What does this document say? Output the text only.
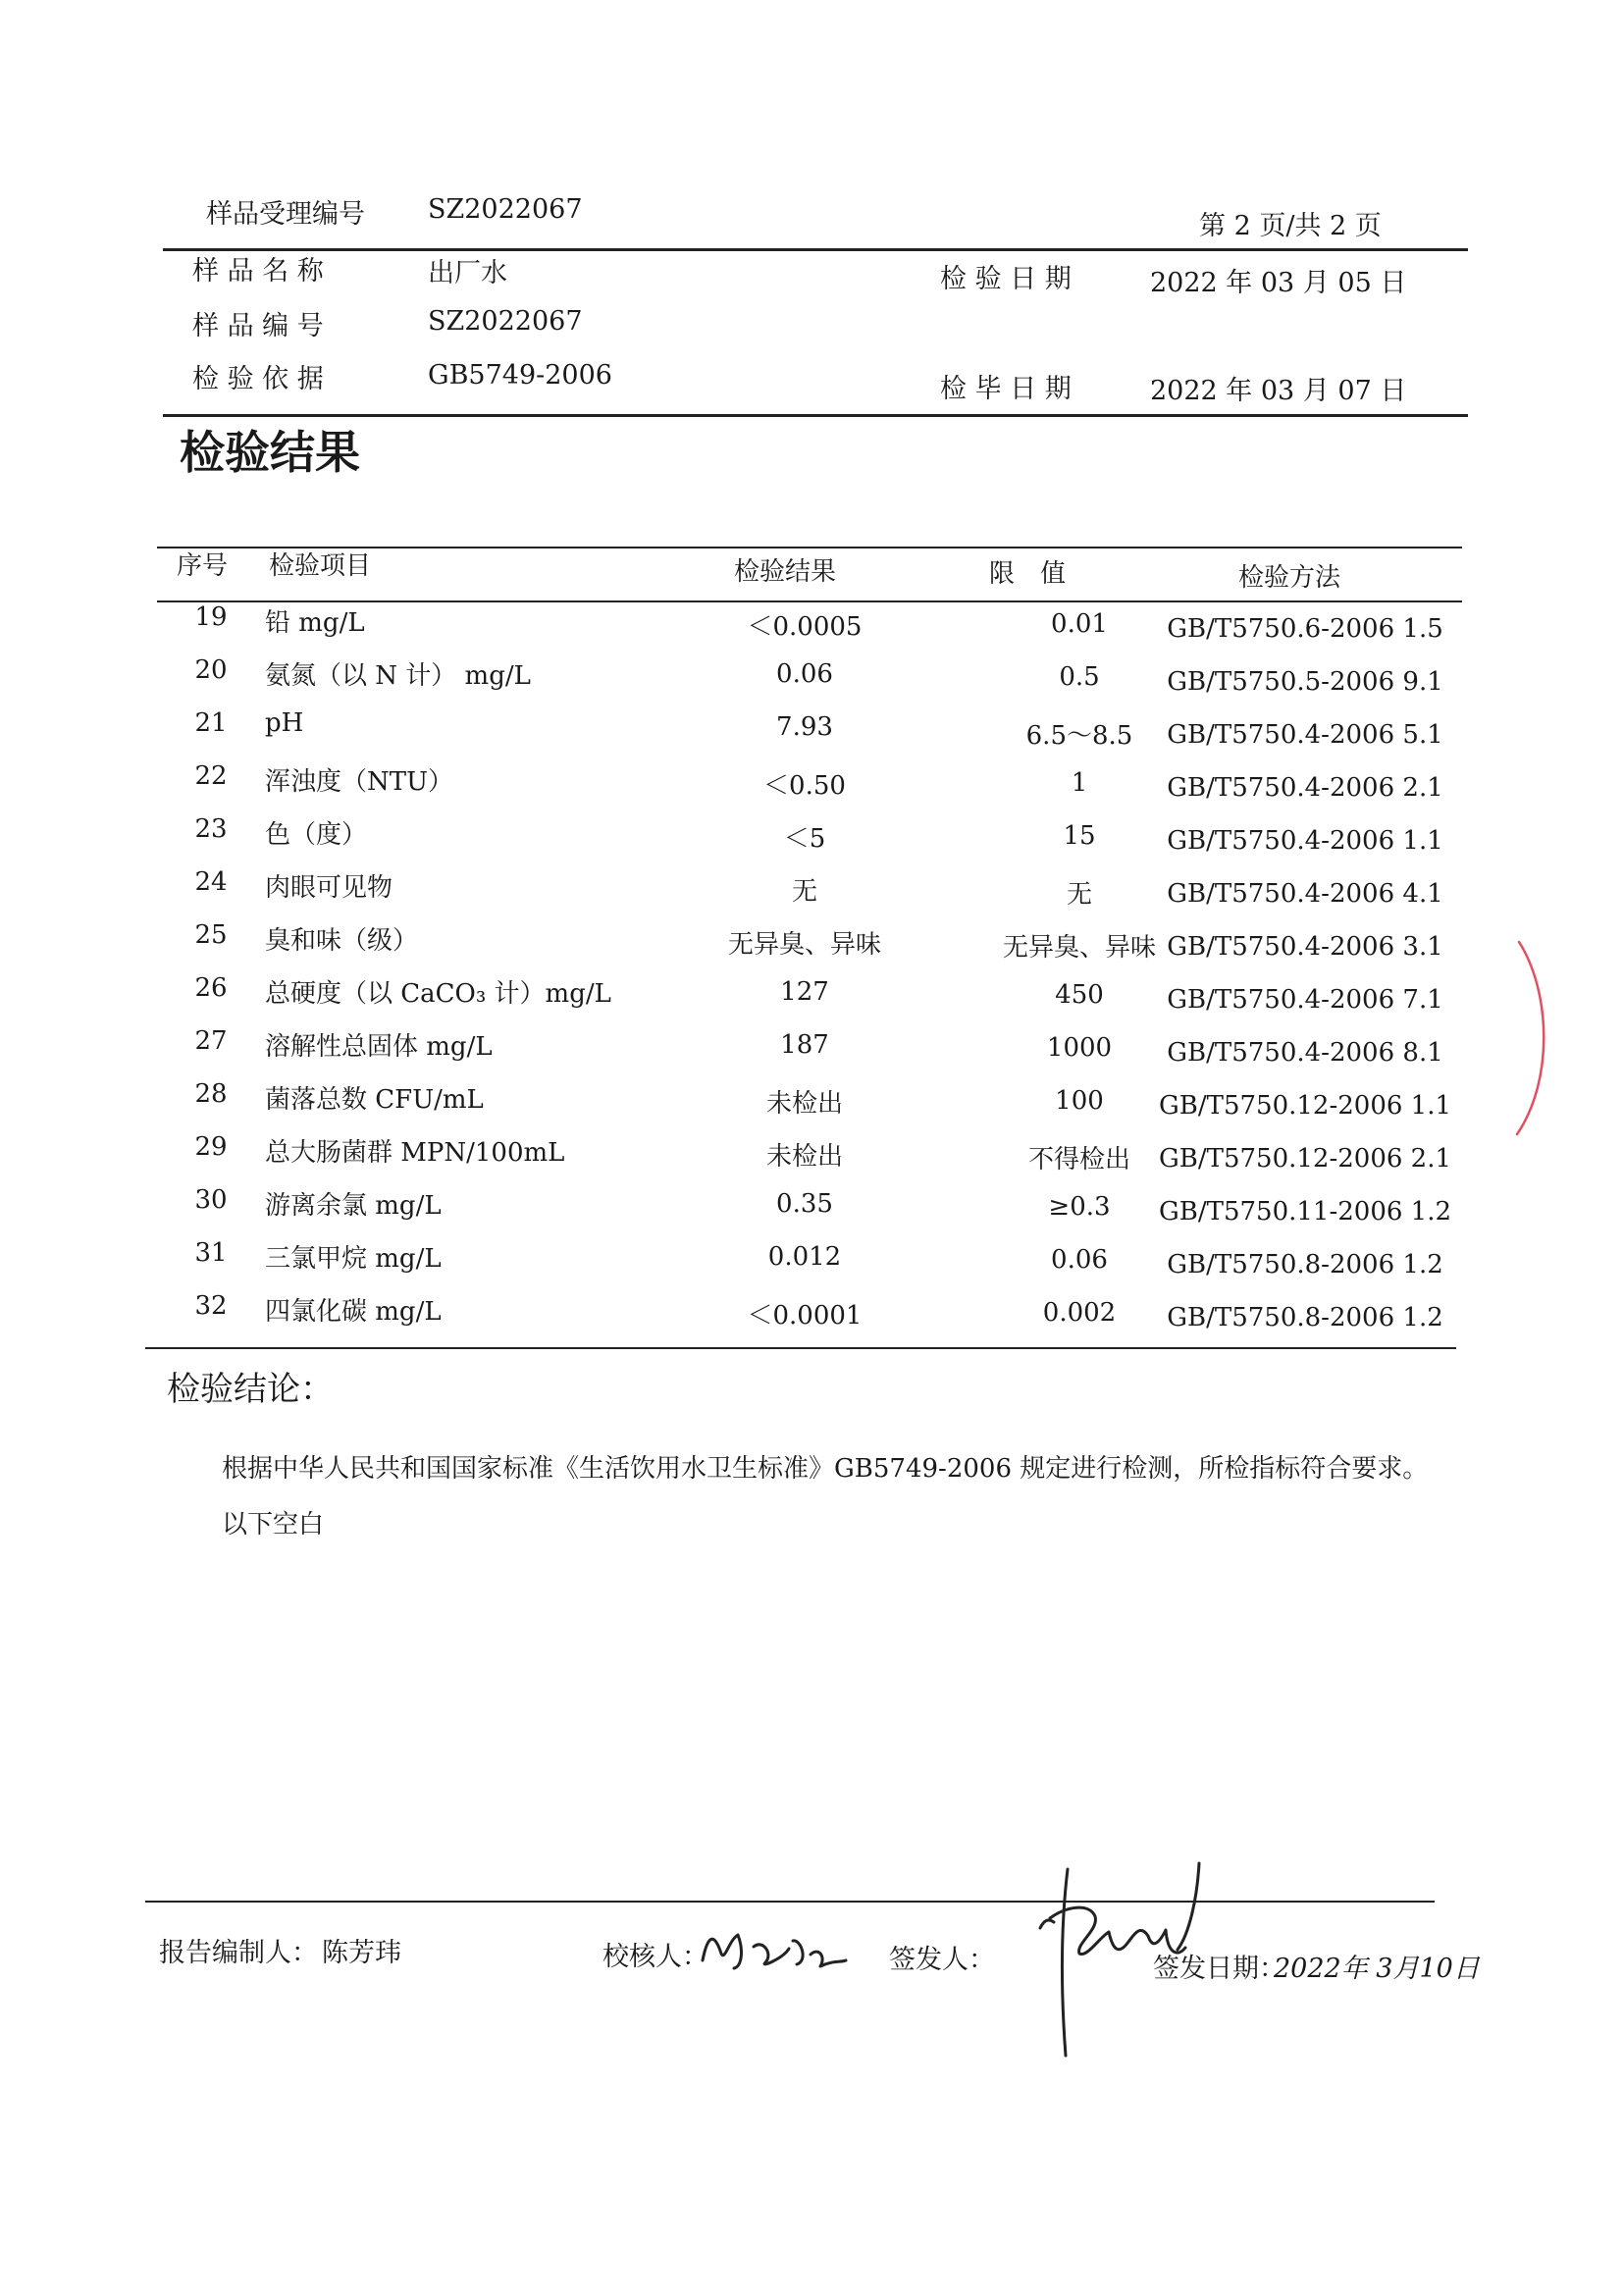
样品受理编号 SZ2022067
第 2 页/共 2 页
样 品 名 称	出厂水	检 验 日 期	2022 年 03 月 05 日
样 品 编 号	SZ2022067
检 验 依 据	GB5749-2006	检 毕 日 期	2022 年 03 月 07 日
检验结果
序号 检验项目	检验结果	限　值	检验方法
19	铅 mg/L	＜0.0005	0.01	GB/T5750.6-2006 1.5
20	氨氮（以 N 计） mg/L	0.06	0.5	GB/T5750.5-2006 9.1
21	pH	7.93	6.5～8.5	GB/T5750.4-2006 5.1
22	浑浊度（NTU）	＜0.50	1	GB/T5750.4-2006 2.1
23	色（度）	＜5	15	GB/T5750.4-2006 1.1
24	肉眼可见物	无	无	GB/T5750.4-2006 4.1
25	臭和味（级）	无异臭、异味	无异臭、异味 GB/T5750.4-2006 3.1
26	总硬度（以 CaCO₃ 计）mg/L	127	450	GB/T5750.4-2006 7.1
27	溶解性总固体 mg/L	187	1000	GB/T5750.4-2006 8.1
28	菌落总数 CFU/mL	未检出	100	GB/T5750.12-2006 1.1
29	总大肠菌群 MPN/100mL	未检出	不得检出	GB/T5750.12-2006 2.1
30	游离余氯 mg/L	0.35	≥0.3	GB/T5750.11-2006 1.2
31	三氯甲烷 mg/L	0.012	0.06	GB/T5750.8-2006 1.2
32	四氯化碳 mg/L	＜0.0001	0.002	GB/T5750.8-2006 1.2
检验结论：
根据中华人民共和国国家标准《生活饮用水卫生标准》GB5749-2006 规定进行检测，所检指标符合要求。
以下空白
报告编制人： 陈芳玮	校核人：	签发人：	签发日期：
2022年 3月10日
